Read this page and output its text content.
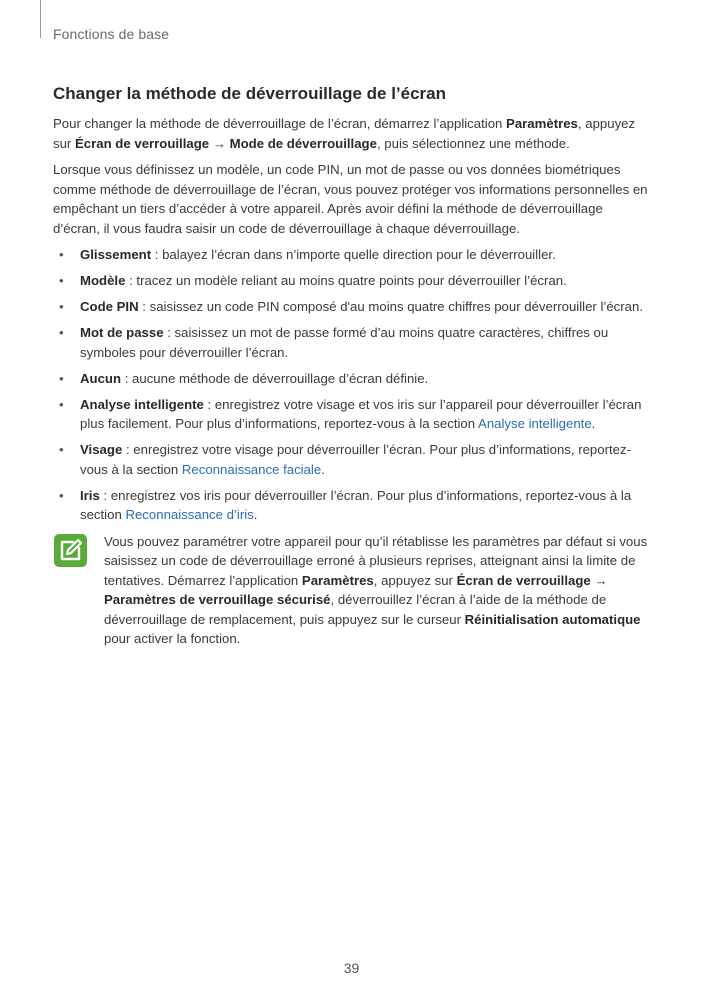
Fonctions de base
Changer la méthode de déverrouillage de l’écran

Pour changer la méthode de déverrouillage de l’écran, démarrez l’application Paramètres, appuyez sur Écran de verrouillage → Mode de déverrouillage, puis sélectionnez une méthode.

Lorsque vous définissez un modèle, un code PIN, un mot de passe ou vos données biométriques comme méthode de déverrouillage de l’écran, vous pouvez protéger vos informations personnelles en empêchant un tiers d’accéder à votre appareil. Après avoir défini la méthode de déverrouillage d’écran, il vous faudra saisir un code de déverrouillage à chaque déverrouillage.

• Glissement : balayez l’écran dans n’importe quelle direction pour le déverrouiller.
• Modèle : tracez un modèle reliant au moins quatre points pour déverrouiller l’écran.
• Code PIN : saisissez un code PIN composé d'au moins quatre chiffres pour déverrouiller l’écran.
• Mot de passe : saisissez un mot de passe formé d’au moins quatre caractères, chiffres ou symboles pour déverrouiller l’écran.
• Aucun : aucune méthode de déverrouillage d’écran définie.
• Analyse intelligente : enregistrez votre visage et vos iris sur l’appareil pour déverrouiller l’écran plus facilement. Pour plus d’informations, reportez-vous à la section Analyse intelligente.
• Visage : enregistrez votre visage pour déverrouiller l’écran. Pour plus d’informations, reportez-vous à la section Reconnaissance faciale.
• Iris : enregistrez vos iris pour déverrouiller l’écran. Pour plus d’informations, reportez-vous à la section Reconnaissance d’iris.
Vous pouvez paramétrer votre appareil pour qu’il rétablisse les paramètres par défaut si vous saisissez un code de déverrouillage erroné à plusieurs reprises, atteignant ainsi la limite de tentatives. Démarrez l’application Paramètres, appuyez sur Écran de verrouillage → Paramètres de verrouillage sécurisé, déverrouillez l’écran à l’aide de la méthode de déverrouillage de remplacement, puis appuyez sur le curseur Réinitialisation automatique pour activer la fonction.
39
